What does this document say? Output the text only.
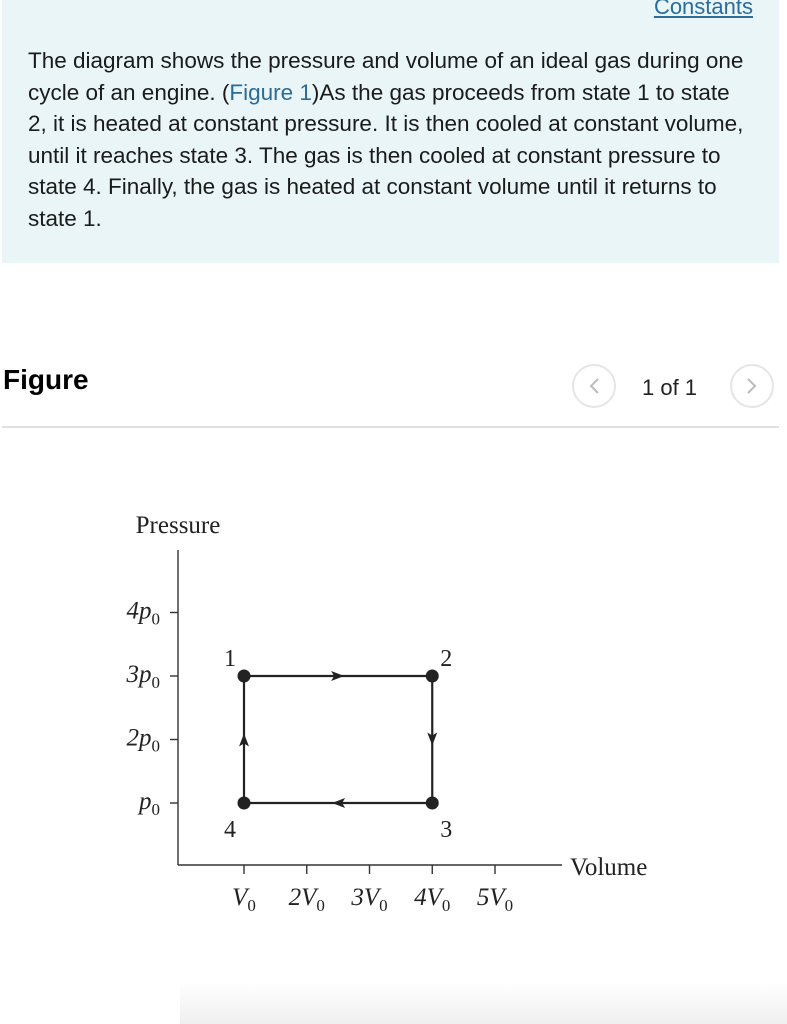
Constants

The diagram shows the pressure and volume of an ideal gas during one cycle of an engine. (Figure 1)As the gas proceeds from state 1 to state 2, it is heated at constant pressure. It is then cooled at constant volume, until it reaches state 3. The gas is then cooled at constant pressure to state 4. Finally, the gas is heated at constant volume until it returns to state 1.

Figure	1 of 1
Pressure
Volume
$4p_0$
$3p_0$
$2p_0$
$p_0$
$V_0$ $2V_0$ $3V_0$ $4V_0$ $5V_0$
1	2
3
4
